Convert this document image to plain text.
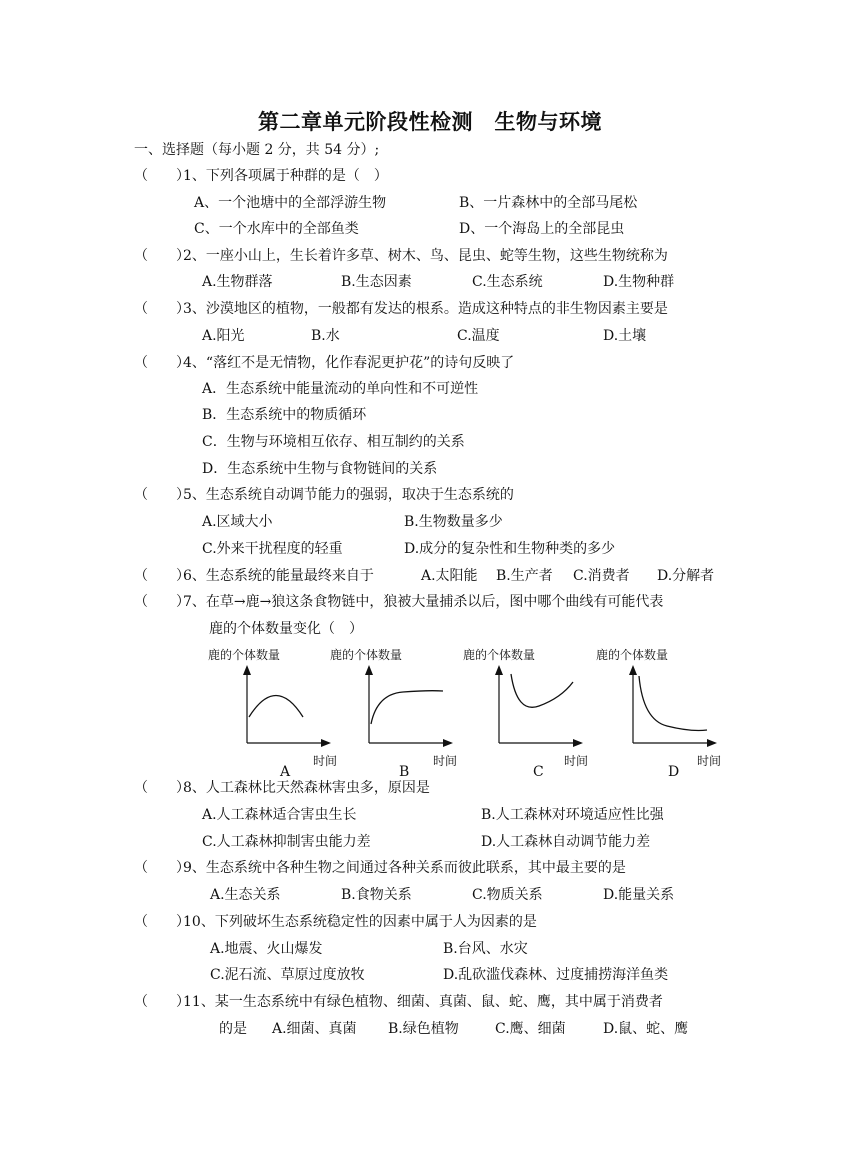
第二章单元阶段性检测　生物与环境
一、选择题（每小题 2 分，共 54 分）;
（　　）
1、下列各项属于种群的是（　）
A、一个池塘中的全部浮游生物	B、一片森林中的全部马尾松
C、一个水库中的全部鱼类	D、一个海岛上的全部昆虫
（　　）
2、一座小山上，生长着许多草、树木、鸟、昆虫、蛇等生物，这些生物统称为
A.生物群落	B.生态因素	C.生态系统	D.生物种群
（　　）
3、沙漠地区的植物，一般都有发达的根系。造成这种特点的非生物因素主要是
A.阳光	B.水	C.温度	D.土壤
（　　）
4、“落红不是无情物，化作春泥更护花”的诗句反映了
A．生态系统中能量流动的单向性和不可逆性
B．生态系统中的物质循环
C．生物与环境相互依存、相互制约的关系
D．生态系统中生物与食物链间的关系
（　　）
5、生态系统自动调节能力的强弱，取决于生态系统的
A.区域大小	B.生物数量多少
C.外来干扰程度的轻重	D.成分的复杂性和生物种类的多少
（　　）
6、生态系统的能量最终来自于	A.太阳能 B.生产者 C.消费者 D.分解者
（　　）
7、在草→鹿→狼这条食物链中，狼被大量捕杀以后，图中哪个曲线有可能代表
鹿的个体数量变化（　）
鹿的个体数量
时间
A
鹿的个体数量
时间
B
鹿的个体数量
时间
C
鹿的个体数量
时间
D
（　　）
8、人工森林比天然森林害虫多，原因是
A.人工森林适合害虫生长	B.人工森林对环境适应性比强
C.人工森林抑制害虫能力差	D.人工森林自动调节能力差
（　　）
9、生态系统中各种生物之间通过各种关系而彼此联系，其中最主要的是
A.生态关系	B.食物关系	C.物质关系	D.能量关系
（　　）
10、下列破坏生态系统稳定性的因素中属于人为因素的是
A.地震、火山爆发	B.台风、水灾
C.泥石流、草原过度放牧	D.乱砍滥伐森林、过度捕捞海洋鱼类
（　　）
11、某一生态系统中有绿色植物、细菌、真菌、鼠、蛇、鹰，其中属于消费者
的是 A.细菌、真菌 B.绿色植物	C.鹰、细菌	D.鼠、蛇、鹰
